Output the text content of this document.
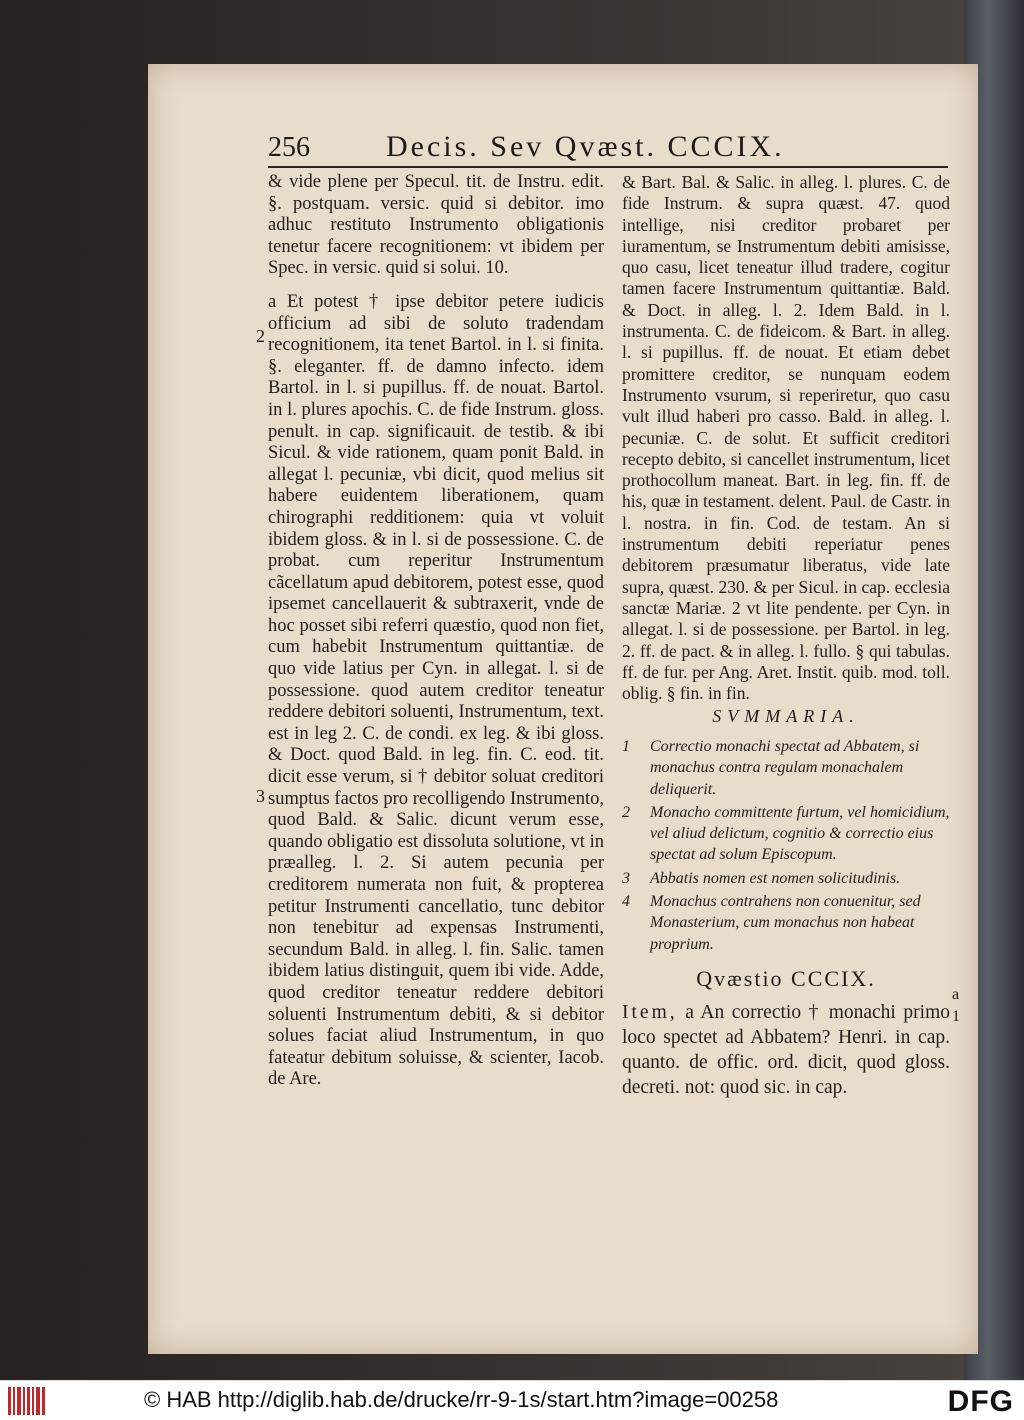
256	Decis. Sev Qvæst. CCCIX.

& vide plene per Specul. tit. de Instru. edit. §. postquam. versic. quid si debitor. imo adhuc restituto Instrumento obligationis tenetur facere recognitionem: vt ibidem per Spec. in versic. quid si solui. 10.

a Et potest † ipse debitor petere iudicis officium ad sibi de soluto tradendam recognitionem, ita tenet Bartol. in l. si finita. §. eleganter. ff. de damno infecto. idem Bartol. in l. si pupillus. ff. de nouat. Bartol. in l. plures apochis. C. de fide Instrum. gloss. penult. in cap. significauit. de testib. & ibi Sicul. & vide rationem, quam ponit Bald. in allegat l. pecuniæ, vbi dicit, quod melius sit habere euidentem liberationem, quam chirographi redditionem: quia vt voluit ibidem gloss. & in l. si de possessione. C. de probat. cum reperitur Instrumentum cãcellatum apud debitorem, potest esse, quod ipsemet cancellauerit & subtraxerit, vnde de hoc posset sibi referri quæstio, quod non fiet, cum habebit Instrumentum quittantiæ. de quo vide latius per Cyn. in allegat. l. si de possessione. quod autem creditor teneatur reddere debitori soluenti, Instrumentum, text. est in leg 2. C. de condi. ex leg. & ibi gloss. & Doct. quod Bald. in leg. fin. C. eod. tit. dicit esse verum, si † debitor soluat creditori sumptus factos pro recolligendo Instrumento, quod Bald. & Salic. dicunt verum esse, quando obligatio est dissoluta solutione, vt in præallеg. l. 2. Si autem pecunia per creditorem numerata non fuit, & propterea petitur Instrumenti cancellatio, tunc debitor non tenebitur ad expensas Instrumenti, secundum Bald. in alleg. l. fin. Salic. tamen ibidem latius distinguit, quem ibi vide. Adde, quod creditor teneatur reddere debitori soluenti Instrumentum debiti, & si debitor solues faciat aliud Instrumentum, in quo fateatur debitum soluisse, & scienter, Iacob. de Are.

2
3

& Bart. Bal. & Salic. in alleg. l. plures. C. de fide Instrum. & supra quæst. 47. quod intellige, nisi creditor probaret per iuramentum, se Instrumentum debiti amisisse, quo casu, licet teneatur illud tradere, cogitur tamen facere Instrumentum quittantiæ. Bald. & Doct. in alleg. l. 2. Idem Bald. in l. instrumenta. C. de fideicom. & Bart. in alleg. l. si pupillus. ff. de nouat. Et etiam debet promittere creditor, se nunquam eodem Instrumento vsurum, si reperiretur, quo casu vult illud haberi pro casso. Bald. in alleg. l. pecuniæ. C. de solut. Et sufficit creditori recepto debito, si cancellet instrumentum, licet prothocollum maneat. Bart. in leg. fin. ff. de his, quæ in testament. delent. Paul. de Castr. in l. nostra. in fin. Cod. de testam. An si instrumentum debiti reperiatur penes debitorem præsumatur liberatus, vide late supra, quæst. 230. & per Sicul. in cap. ecclesia sanctæ Mariæ. 2 vt lite pendente. per Cyn. in allegat. l. si de possessione. per Bartol. in leg. 2. ff. de pact. & in alleg. l. fullo. § qui tabulas. ff. de fur. per Ang. Aret. Instit. quib. mod. toll. oblig. § fin. in fin.

SVMMARIA.
1 Correctio monachi spectat ad Abbatem, si monachus contra regulam monachalem deliquerit.
2 Monacho committente furtum, vel homicidium, vel aliud delictum, cognitio & correctio eius spectat ad solum Episcopum.
3 Abbatis nomen est nomen solicitudinis.
4 Monachus contrahens non conuenitur, sed Monasterium, cum monachus non habeat proprium.
Qvæstio CCCIX.
Item, a An correctio † monachi primo loco spectet ad Abbatem? Henri. in cap. quanto. de offic. ord. dicit, quod gloss. decreti. not: quod sic. in cap.
a
1
© HAB http://diglib.hab.de/drucke/rr-9-1s/start.htm?image=00258	DFG
